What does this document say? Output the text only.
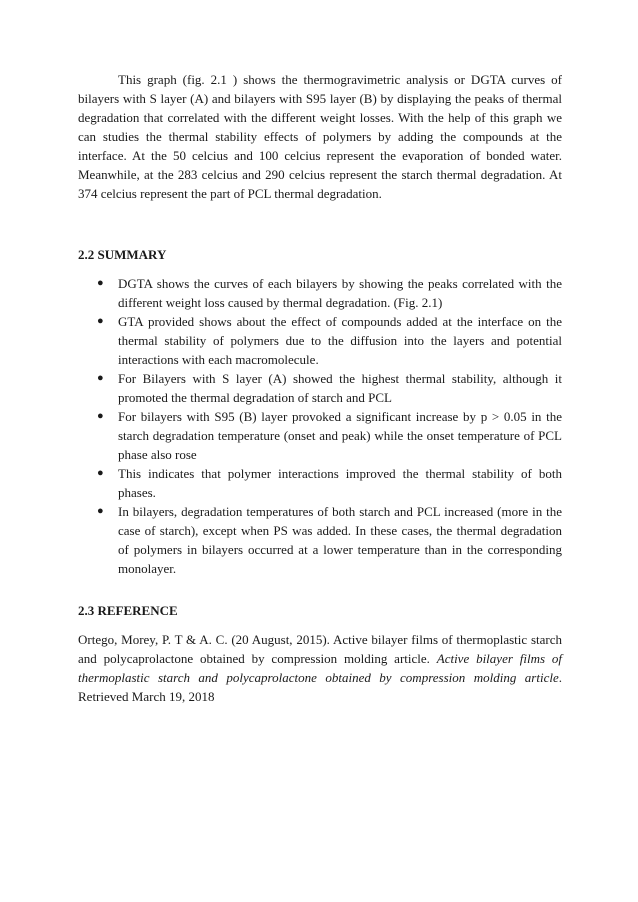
This graph (fig. 2.1 ) shows the thermogravimetric analysis or DGTA curves of bilayers with S layer (A) and bilayers with S95 layer (B) by displaying the peaks of thermal degradation that correlated with the different weight losses. With the help of this graph we can studies the thermal stability effects of polymers by adding the compounds at the interface. At the 50 celcius and 100 celcius represent the evaporation of bonded water. Meanwhile, at the 283 celcius and 290 celcius represent the starch thermal degradation. At 374 celcius represent the part of PCL thermal degradation.

2.2 SUMMARY
● DGTA shows the curves of each bilayers by showing the peaks correlated with the different weight loss caused by thermal degradation. (Fig. 2.1)
● GTA provided shows about the effect of compounds added at the interface on the thermal stability of polymers due to the diffusion into the layers and potential interactions with each macromolecule.
● For Bilayers with S layer (A) showed the highest thermal stability, although it promoted the thermal degradation of starch and PCL
● For bilayers with S95 (B) layer provoked a significant increase by p > 0.05 in the starch degradation temperature (onset and peak) while the onset temperature of PCL phase also rose
● This indicates that polymer interactions improved the thermal stability of both phases.
● In bilayers, degradation temperatures of both starch and PCL increased (more in the case of starch), except when PS was added. In these cases, the thermal degradation of polymers in bilayers occurred at a lower temperature than in the corresponding monolayer.
2.3 REFERENCE

Ortego, Morey, P. T & A. C. (20 August, 2015). Active bilayer films of thermoplastic starch and polycaprolactone obtained by compression molding article. Active bilayer films of thermoplastic starch and polycaprolactone obtained by compression molding article. Retrieved March 19, 2018
